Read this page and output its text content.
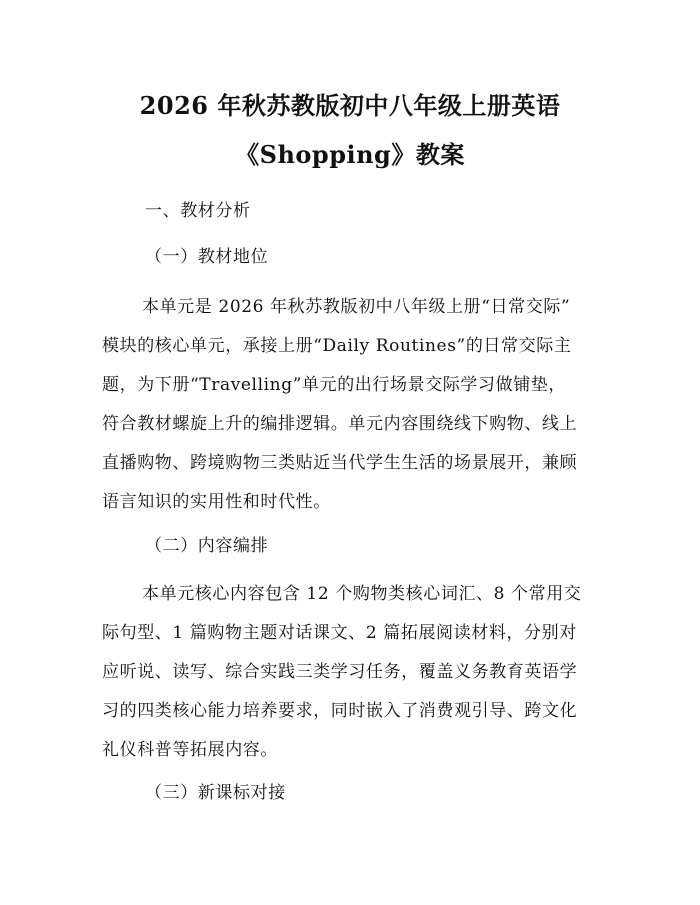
2026 年秋苏教版初中八年级上册英语
《Shopping》教案
一、教材分析
（一）教材地位
本单元是 2026 年秋苏教版初中八年级上册“日常交际”
模块的核心单元，承接上册“Daily Routines”的日常交际主
题，为下册“Travelling”单元的出行场景交际学习做铺垫，
符合教材螺旋上升的编排逻辑。单元内容围绕线下购物、线上
直播购物、跨境购物三类贴近当代学生生活的场景展开，兼顾
语言知识的实用性和时代性。
（二）内容编排
本单元核心内容包含 12 个购物类核心词汇、8 个常用交
际句型、1 篇购物主题对话课文、2 篇拓展阅读材料，分别对
应听说、读写、综合实践三类学习任务，覆盖义务教育英语学
习的四类核心能力培养要求，同时嵌入了消费观引导、跨文化
礼仪科普等拓展内容。
（三）新课标对接
